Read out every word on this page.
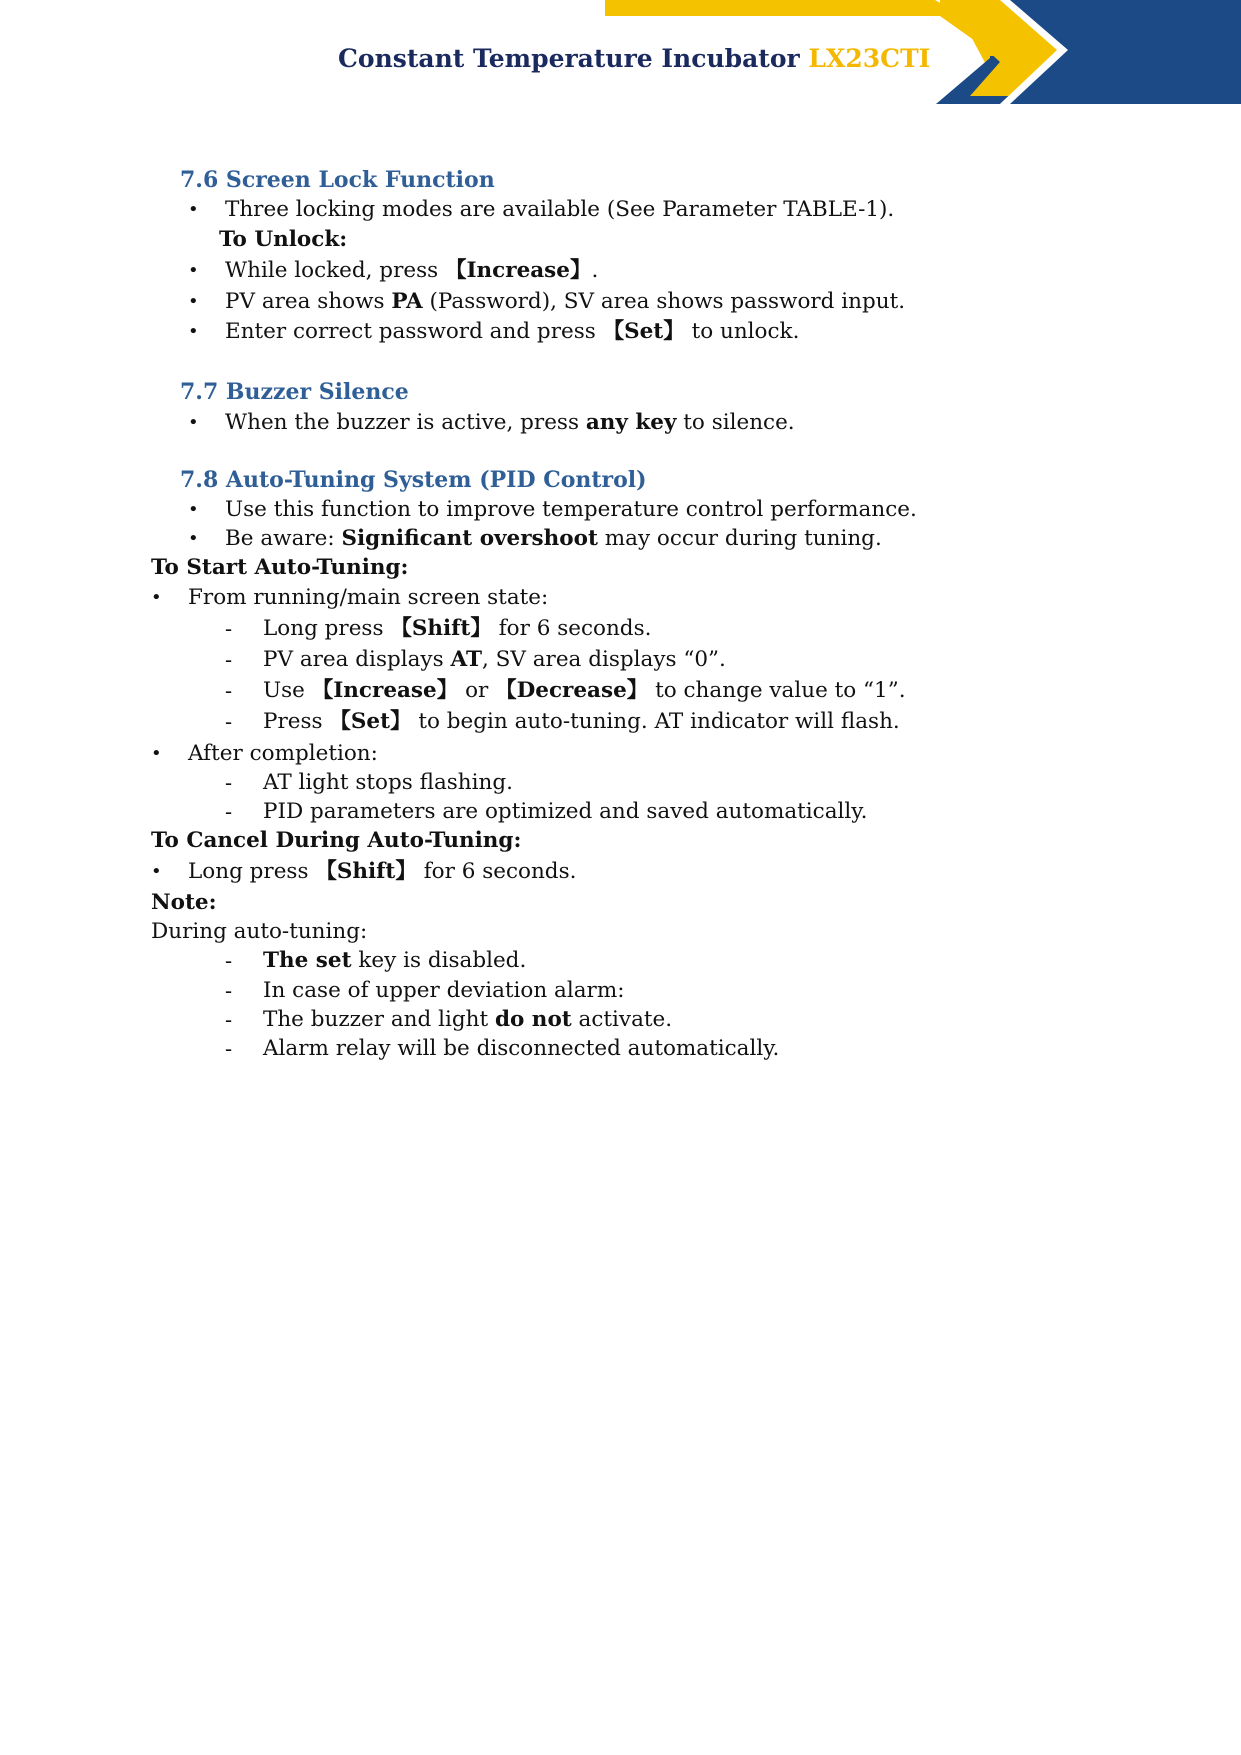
Constant Temperature Incubator LX23CTI
7.6 Screen Lock Function
• Three locking modes are available (See Parameter TABLE-1).
To Unlock:
• While locked, press 【Increase】.
• PV area shows PA (Password), SV area shows password input.
• Enter correct password and press 【Set】 to unlock.
7.7 Buzzer Silence
• When the buzzer is active, press any key to silence.
7.8 Auto-Tuning System (PID Control)
• Use this function to improve temperature control performance.
• Be aware: Significant overshoot may occur during tuning.
To Start Auto-Tuning:
• From running/main screen state:
- Long press 【Shift】 for 6 seconds.
- PV area displays AT, SV area displays “0”.
- Use 【Increase】 or 【Decrease】 to change value to “1”.
- Press 【Set】 to begin auto-tuning. AT indicator will flash.
• After completion:
- AT light stops flashing.
- PID parameters are optimized and saved automatically.
To Cancel During Auto-Tuning:
• Long press 【Shift】 for 6 seconds.
Note:
During auto-tuning:
- The set key is disabled.
- In case of upper deviation alarm:
- The buzzer and light do not activate.
- Alarm relay will be disconnected automatically.
